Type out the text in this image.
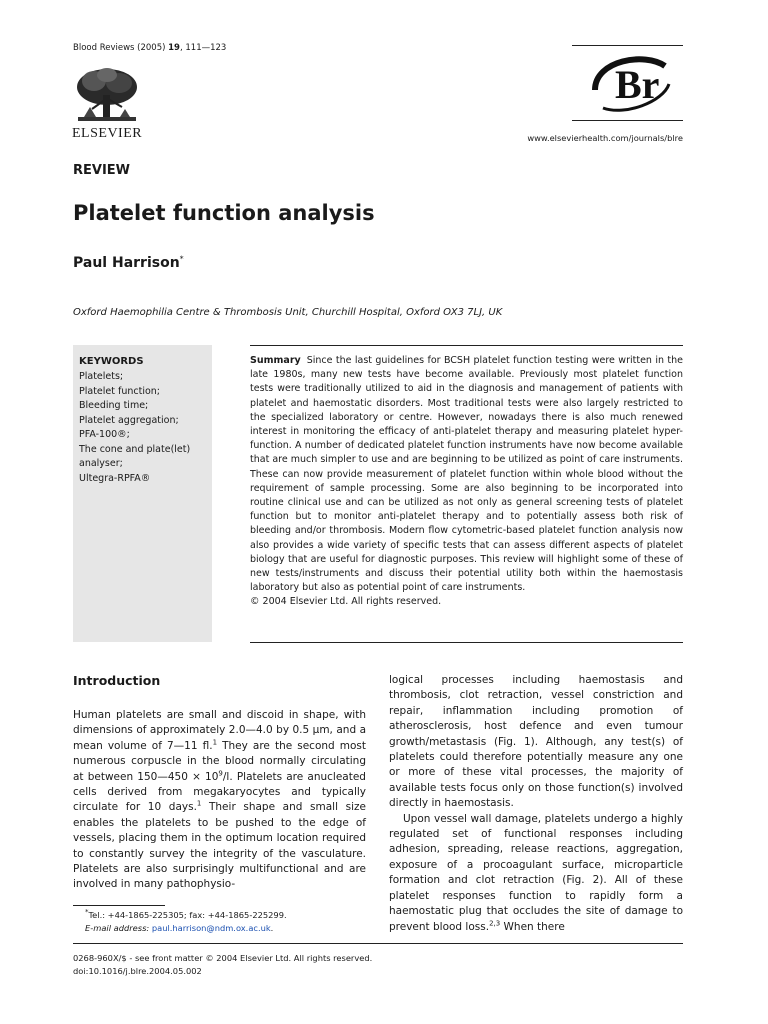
Blood Reviews (2005) 19, 111—123
ELSEVIER
Br
www.elsevierhealth.com/journals/blre
REVIEW
Platelet function analysis
Paul Harrison*
Oxford Haemophilia Centre & Thrombosis Unit, Churchill Hospital, Oxford OX3 7LJ, UK
KEYWORDS
Platelets;
Platelet function;
Bleeding time;
Platelet aggregation;
PFA-100®;
The cone and plate(let)
analyser;
Ultegra-RPFA®
Summary Since the last guidelines for BCSH platelet function testing were written in the late 1980s, many new tests have become available. Previously most platelet function tests were traditionally utilized to aid in the diagnosis and management of patients with platelet and haemostatic disorders. Most traditional tests were also largely restricted to the specialized laboratory or centre. However, nowadays there is also much renewed interest in monitoring the efficacy of anti-platelet therapy and measuring platelet hyper-function. A number of dedicated platelet function instruments have now become available that are much simpler to use and are beginning to be utilized as point of care instruments. These can now provide measurement of platelet function within whole blood without the requirement of sample processing. Some are also beginning to be incorporated into routine clinical use and can be utilized as not only as general screening tests of platelet function but to monitor anti-platelet therapy and to potentially assess both risk of bleeding and/or thrombosis. Modern flow cytometric-based platelet function analysis now also provides a wide variety of specific tests that can assess different aspects of platelet biology that are useful for diagnostic purposes. This review will highlight some of these of new tests/instruments and discuss their potential utility both within the haemostasis laboratory but also as potential point of care instruments.
© 2004 Elsevier Ltd. All rights reserved.
Introduction

Human platelets are small and discoid in shape, with dimensions of approximately 2.0—4.0 by 0.5 μm, and a mean volume of 7—11 fl.$^1$ They are the second most numerous corpuscle in the blood normally circulating at between 150—450 × $10^9/l$. Platelets are anucleated cells derived from megakaryocytes and typically circulate for 10 days.$^1$ Their shape and small size enables the platelets to be pushed to the edge of vessels, placing them in the optimum location required to constantly survey the integrity of the vasculature. Platelets are also surprisingly multifunctional and are involved in many pathophysio-

logical processes including haemostasis and thrombosis, clot retraction, vessel constriction and repair, inflammation including promotion of atherosclerosis, host defence and even tumour growth/metastasis (Fig. 1). Although, any test(s) of platelets could therefore potentially measure any one or more of these vital processes, the majority of available tests focus only on those function(s) involved directly in haemostasis.

Upon vessel wall damage, platelets undergo a highly regulated set of functional responses including adhesion, spreading, release reactions, aggregation, exposure of a procoagulant surface, microparticle formation and clot retraction (Fig. 2). All of these platelet responses function to rapidly form a haemostatic plug that occludes the site of damage to prevent blood loss.$^{2,3}$ When there

*Tel.: +44-1865-225305; fax: +44-1865-225299.
E-mail address: paul.harrison@ndm.ox.ac.uk.
0268-960X/$ - see front matter © 2004 Elsevier Ltd. All rights reserved.
doi:10.1016/j.blre.2004.05.002
